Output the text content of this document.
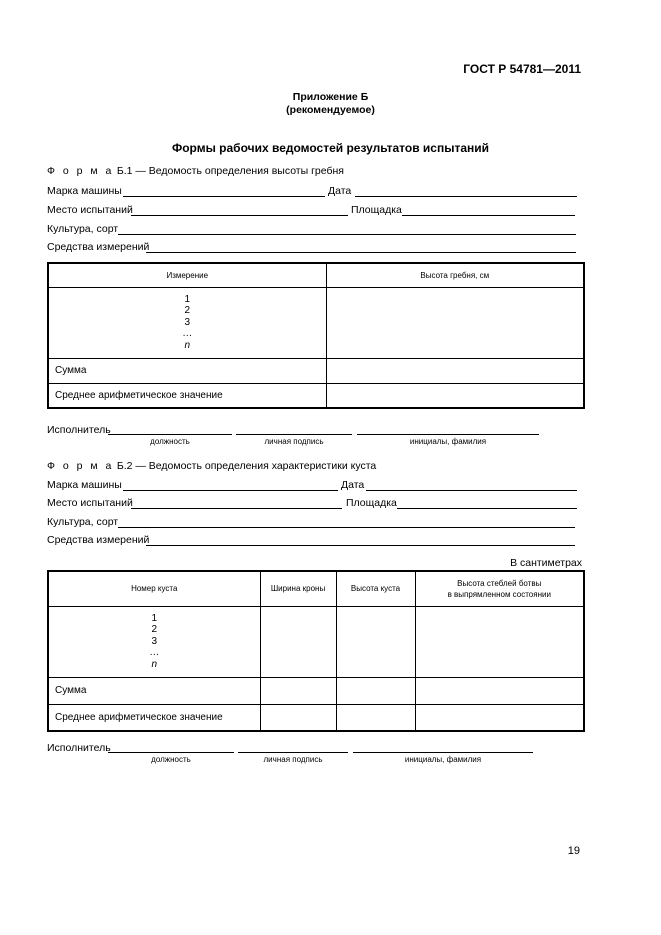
ГОСТ Р 54781—2011
Приложение Б
(рекомендуемое)
Формы рабочих ведомостей результатов испытаний
Ф о р м а Б.1 — Ведомость определения высоты гребня
Марка машины	Дата
Место испытаний	Площадка
Культура, сорт
Средства измерений
Измерение	Высота гребня, см

1
2
3
…
n	

Сумма	
Среднее арифметическое значение	
Исполнитель
должность	личная подпись	инициалы, фамилия
Ф о р м а Б.2 — Ведомость определения характеристики куста
Марка машины	Дата
Место испытаний	Площадка
Культура, сорт
Средства измерений
В сантиметрах
Номер куста	Ширина кроны	Высота куста	Высота стеблей ботвы
в выпрямленном состоянии

1
2
3
…
n			

Сумма			
Среднее арифметическое значение			
Исполнитель
должность	личная подпись	инициалы, фамилия
19
